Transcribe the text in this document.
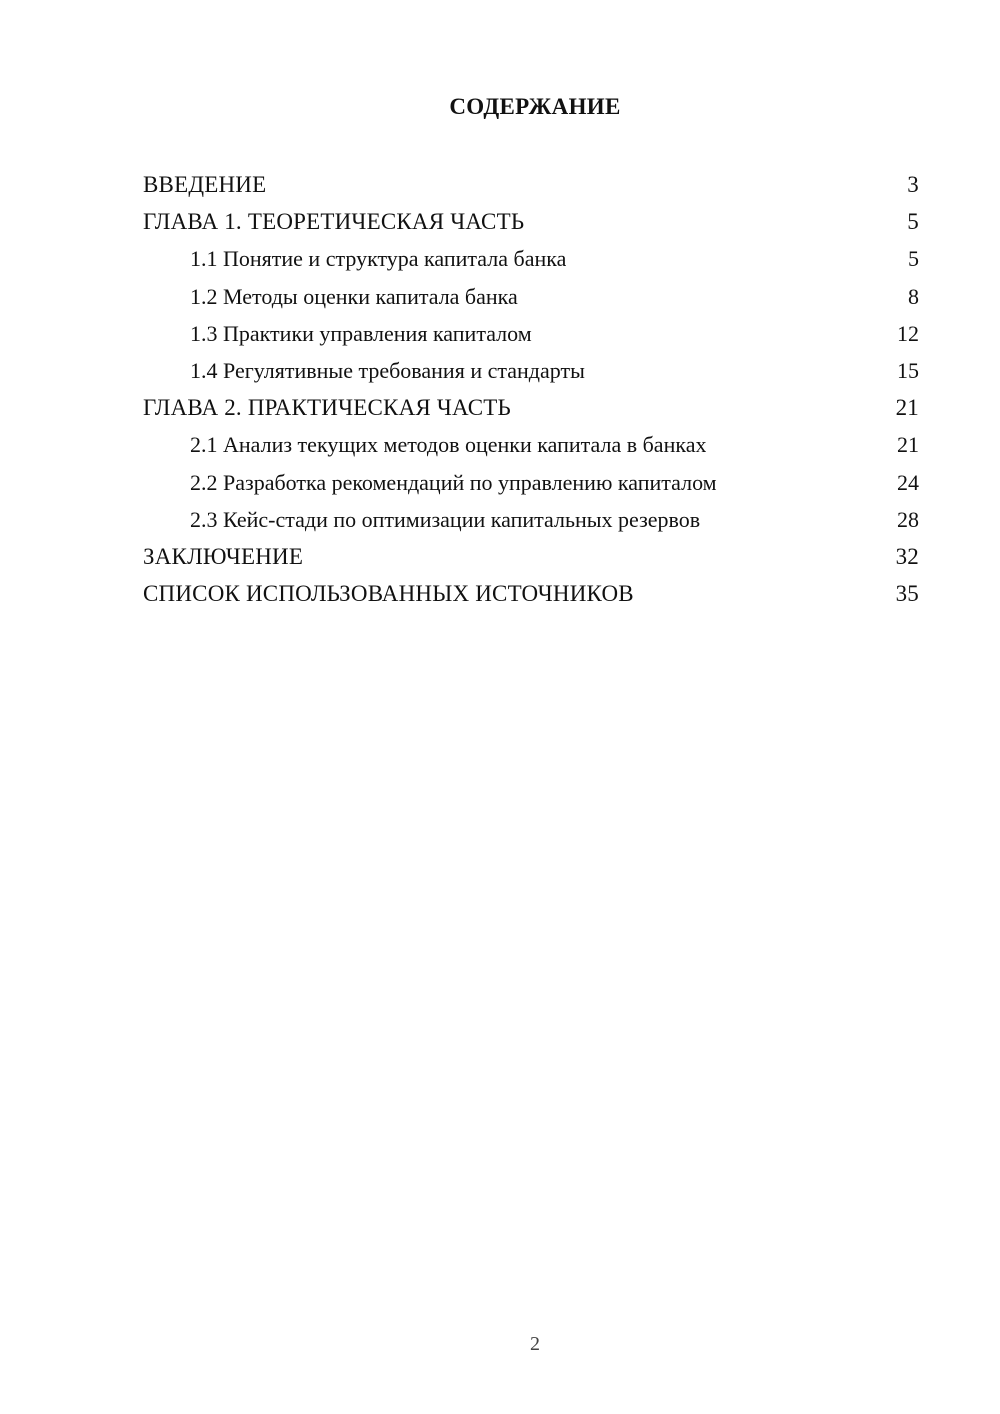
СОДЕРЖАНИЕ
ВВЕДЕНИЕ	3
ГЛАВА 1. ТЕОРЕТИЧЕСКАЯ ЧАСТЬ	5
1.1 Понятие и структура капитала банка	5
1.2 Методы оценки капитала банка	8
1.3 Практики управления капиталом	12
1.4 Регулятивные требования и стандарты	15
ГЛАВА 2. ПРАКТИЧЕСКАЯ ЧАСТЬ	21
2.1 Анализ текущих методов оценки капитала в банках	21
2.2 Разработка рекомендаций по управлению капиталом	24
2.3 Кейс-стади по оптимизации капитальных резервов	28
ЗАКЛЮЧЕНИЕ	32
СПИСОК ИСПОЛЬЗОВАННЫХ ИСТОЧНИКОВ	35
2
